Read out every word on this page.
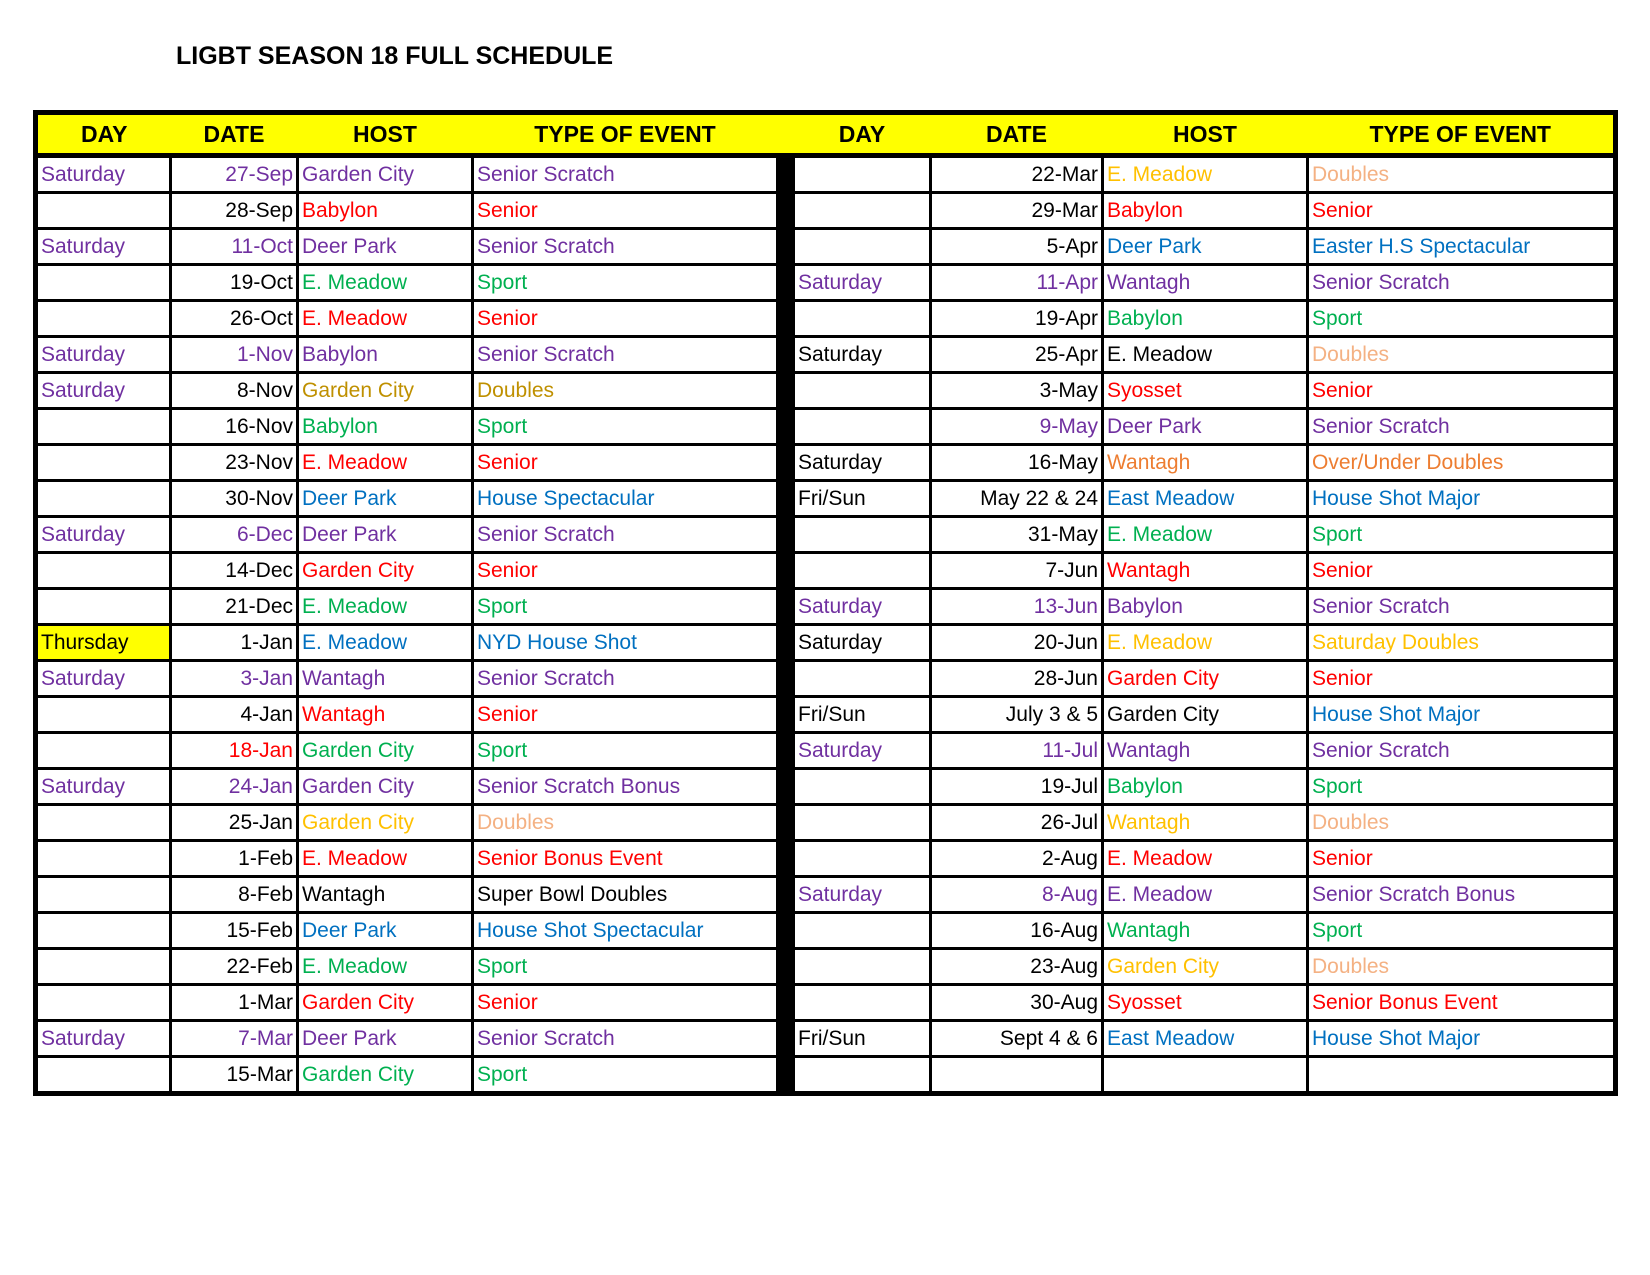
LIGBT SEASON 18 FULL SCHEDULE
DAY	DATE	HOST	TYPE OF EVENT		DAY	DATE	HOST	TYPE OF EVENT
Saturday	27-Sep	Garden City	Senior Scratch			22-Mar	E. Meadow	Doubles
	28-Sep	Babylon	Senior			29-Mar	Babylon	Senior
Saturday	11-Oct	Deer Park	Senior Scratch			5-Apr	Deer Park	Easter H.S Spectacular
	19-Oct	E. Meadow	Sport		Saturday	11-Apr	Wantagh	Senior Scratch
	26-Oct	E. Meadow	Senior			19-Apr	Babylon	Sport
Saturday	1-Nov	Babylon	Senior Scratch		Saturday	25-Apr	E. Meadow	Doubles
Saturday	8-Nov	Garden City	Doubles			3-May	Syosset	Senior
	16-Nov	Babylon	Sport			9-May	Deer Park	Senior Scratch
	23-Nov	E. Meadow	Senior		Saturday	16-May	Wantagh	Over/Under Doubles
	30-Nov	Deer Park	House Spectacular		Fri/Sun	May 22 & 24	East Meadow	House Shot Major
Saturday	6-Dec	Deer Park	Senior Scratch			31-May	E. Meadow	Sport
	14-Dec	Garden City	Senior			7-Jun	Wantagh	Senior
	21-Dec	E. Meadow	Sport		Saturday	13-Jun	Babylon	Senior Scratch
Thursday	1-Jan	E. Meadow	NYD House Shot		Saturday	20-Jun	E. Meadow	Saturday Doubles
Saturday	3-Jan	Wantagh	Senior Scratch			28-Jun	Garden City	Senior
	4-Jan	Wantagh	Senior		Fri/Sun	July 3 & 5	Garden City	House Shot Major
	18-Jan	Garden City	Sport		Saturday	11-Jul	Wantagh	Senior Scratch
Saturday	24-Jan	Garden City	Senior Scratch Bonus			19-Jul	Babylon	Sport
	25-Jan	Garden City	Doubles			26-Jul	Wantagh	Doubles
	1-Feb	E. Meadow	Senior Bonus Event			2-Aug	E. Meadow	Senior
	8-Feb	Wantagh	Super Bowl Doubles		Saturday	8-Aug	E. Meadow	Senior Scratch Bonus
	15-Feb	Deer Park	House Shot Spectacular			16-Aug	Wantagh	Sport
	22-Feb	E. Meadow	Sport			23-Aug	Garden City	Doubles
	1-Mar	Garden City	Senior			30-Aug	Syosset	Senior Bonus Event
Saturday	7-Mar	Deer Park	Senior Scratch		Fri/Sun	Sept 4 & 6	East Meadow	House Shot Major
	15-Mar	Garden City	Sport					
